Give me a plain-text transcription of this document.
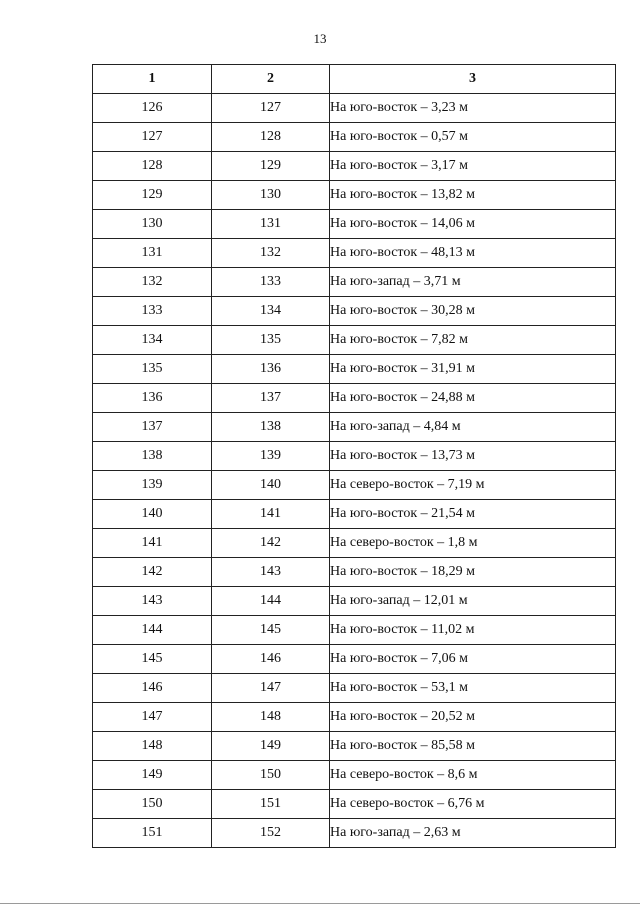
13
1	2	3
126	127	На юго-восток – 3,23 м
127	128	На юго-восток – 0,57 м
128	129	На юго-восток – 3,17 м
129	130	На юго-восток – 13,82 м
130	131	На юго-восток – 14,06 м
131	132	На юго-восток – 48,13 м
132	133	На юго-запад – 3,71 м
133	134	На юго-восток – 30,28 м
134	135	На юго-восток – 7,82 м
135	136	На юго-восток – 31,91 м
136	137	На юго-восток – 24,88 м
137	138	На юго-запад – 4,84 м
138	139	На юго-восток – 13,73 м
139	140	На северо-восток – 7,19 м
140	141	На юго-восток – 21,54 м
141	142	На северо-восток – 1,8 м
142	143	На юго-восток – 18,29 м
143	144	На юго-запад – 12,01 м
144	145	На юго-восток – 11,02 м
145	146	На юго-восток – 7,06 м
146	147	На юго-восток – 53,1 м
147	148	На юго-восток – 20,52 м
148	149	На юго-восток – 85,58 м
149	150	На северо-восток – 8,6 м
150	151	На северо-восток – 6,76 м
151	152	На юго-запад – 2,63 м
